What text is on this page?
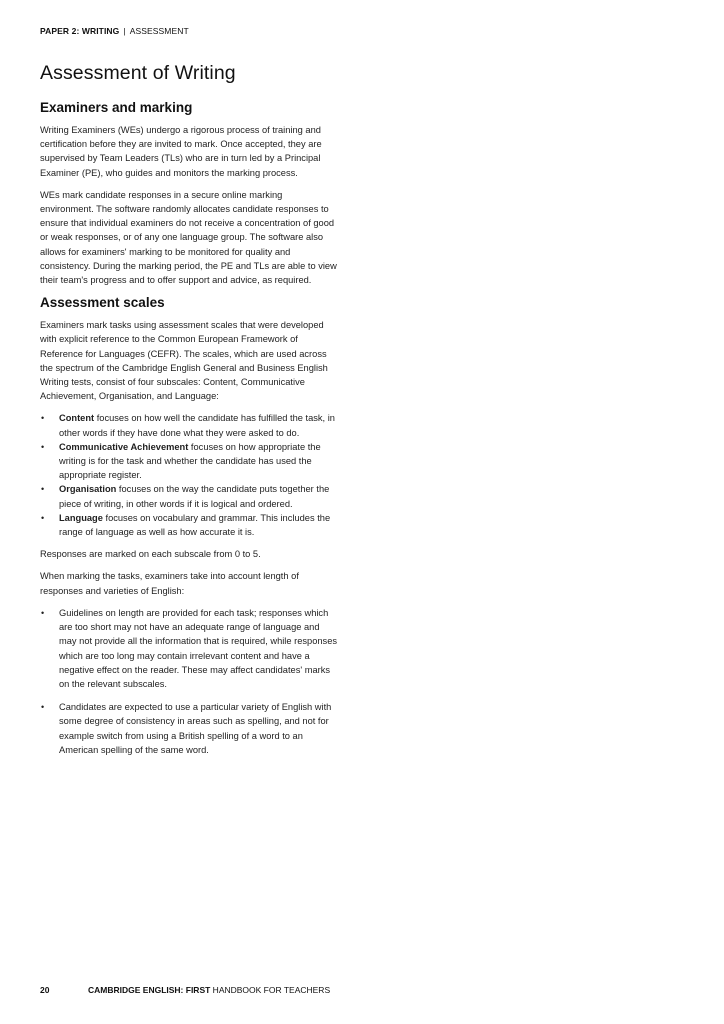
PAPER 2: WRITING | ASSESSMENT
Assessment of Writing
Examiners and marking

Writing Examiners (WEs) undergo a rigorous process of training and certification before they are invited to mark. Once accepted, they are supervised by Team Leaders (TLs) who are in turn led by a Principal Examiner (PE), who guides and monitors the marking process.

WEs mark candidate responses in a secure online marking environment. The software randomly allocates candidate responses to ensure that individual examiners do not receive a concentration of good or weak responses, or of any one language group. The software also allows for examiners' marking to be monitored for quality and consistency. During the marking period, the PE and TLs are able to view their team's progress and to offer support and advice, as required.

Assessment scales

Examiners mark tasks using assessment scales that were developed with explicit reference to the Common European Framework of Reference for Languages (CEFR). The scales, which are used across the spectrum of the Cambridge English General and Business English Writing tests, consist of four subscales: Content, Communicative Achievement, Organisation, and Language:

• Content focuses on how well the candidate has fulfilled the task, in other words if they have done what they were asked to do.
• Communicative Achievement focuses on how appropriate the writing is for the task and whether the candidate has used the appropriate register.
• Organisation focuses on the way the candidate puts together the piece of writing, in other words if it is logical and ordered.
• Language focuses on vocabulary and grammar. This includes the range of language as well as how accurate it is.

Responses are marked on each subscale from 0 to 5.

When marking the tasks, examiners take into account length of responses and varieties of English:

• Guidelines on length are provided for each task; responses which are too short may not have an adequate range of language and may not provide all the information that is required, while responses which are too long may contain irrelevant content and have a negative effect on the reader. These may affect candidates' marks on the relevant subscales.
• Candidates are expected to use a particular variety of English with some degree of consistency in areas such as spelling, and not for example switch from using a British spelling of a word to an American spelling of the same word.
20	CAMBRIDGE ENGLISH: FIRST HANDBOOK FOR TEACHERS
